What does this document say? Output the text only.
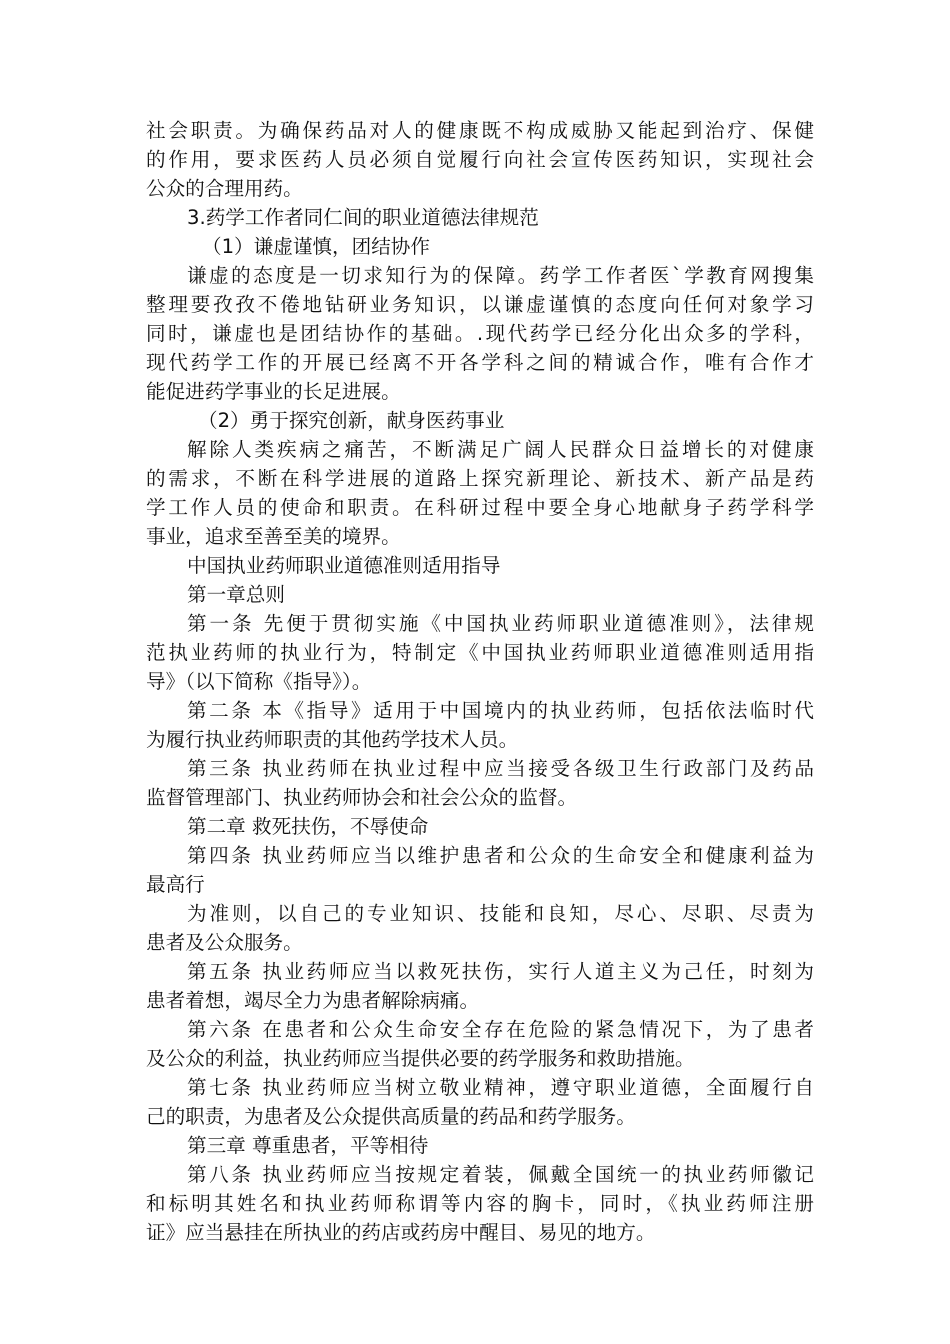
社会职责。为确保药品对人的健康既不构成威胁又能起到治疗、保健
的作用，要求医药人员必须自觉履行向社会宣传医药知识，实现社会
公众的合理用药。
3.药学工作者同仁间的职业道德法律规范
（1）谦虚谨慎，团结协作
谦虚的态度是一切求知行为的保障。药学工作者医`学教育网搜集
整理要孜孜不倦地钻研业务知识，以谦虚谨慎的态度向任何对象学习
同时，谦虚也是团结协作的基础。.现代药学已经分化出众多的学科，
现代药学工作的开展已经离不开各学科之间的精诚合作，唯有合作才
能促进药学事业的长足进展。
（2）勇于探究创新，献身医药事业
解除人类疾病之痛苦，不断满足广阔人民群众日益增长的对健康
的需求，不断在科学进展的道路上探究新理论、新技术、新产品是药
学工作人员的使命和职责。在科研过程中要全身心地献身子药学科学
事业，追求至善至美的境界。
中国执业药师职业道德准则适用指导
第一章总则
第一条 先便于贯彻实施《中国执业药师职业道德准则》，法律规
范执业药师的执业行为，特制定《中国执业药师职业道德准则适用指
导》（以下简称《指导》）。
第二条 本《指导》适用于中国境内的执业药师，包括依法临时代
为履行执业药师职责的其他药学技术人员。
第三条 执业药师在执业过程中应当接受各级卫生行政部门及药品
监督管理部门、执业药师协会和社会公众的监督。
第二章 救死扶伤，不辱使命
第四条 执业药师应当以维护患者和公众的生命安全和健康利益为
最高行
为准则，以自己的专业知识、技能和良知，尽心、尽职、尽责为
患者及公众服务。
第五条 执业药师应当以救死扶伤，实行人道主义为己任，时刻为
患者着想，竭尽全力为患者解除病痛。
第六条 在患者和公众生命安全存在危险的紧急情况下，为了患者
及公众的利益，执业药师应当提供必要的药学服务和救助措施。
第七条 执业药师应当树立敬业精神，遵守职业道德，全面履行自
己的职责，为患者及公众提供高质量的药品和药学服务。
第三章 尊重患者，平等相待
第八条 执业药师应当按规定着装，佩戴全国统一的执业药师徽记
和标明其姓名和执业药师称谓等内容的胸卡，同时，《执业药师注册
证》应当悬挂在所执业的药店或药房中醒目、易见的地方。
